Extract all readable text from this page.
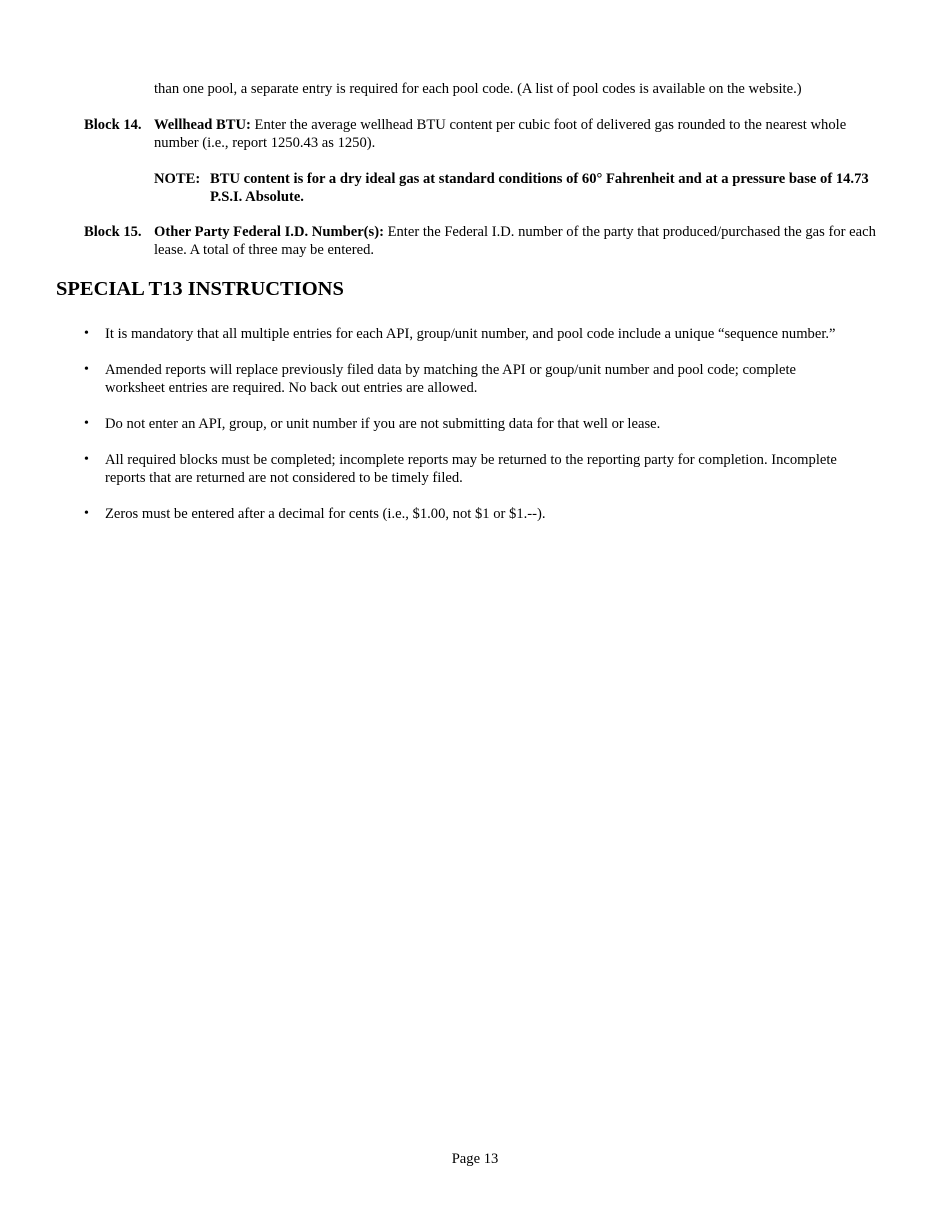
than one pool, a separate entry is required for each pool code. (A list of pool codes is available on the website.)
Block 14. Wellhead BTU: Enter the average wellhead BTU content per cubic foot of delivered gas rounded to the nearest whole number (i.e., report 1250.43 as 1250).
NOTE: BTU content is for a dry ideal gas at standard conditions of 60° Fahrenheit and at a pressure base of 14.73 P.S.I. Absolute.
Block 15. Other Party Federal I.D. Number(s): Enter the Federal I.D. number of the party that produced/purchased the gas for each lease. A total of three may be entered.
SPECIAL T13 INSTRUCTIONS
•	It is mandatory that all multiple entries for each API, group/unit number, and pool code include a unique “sequence number.”
•	Amended reports will replace previously filed data by matching the API or goup/unit number and pool code; complete worksheet entries are required. No back out entries are allowed.
•	Do not enter an API, group, or unit number if you are not submitting data for that well or lease.
•	All required blocks must be completed; incomplete reports may be returned to the reporting party for completion. Incomplete reports that are returned are not considered to be timely filed.
•	Zeros must be entered after a decimal for cents (i.e., $1.00, not $1 or $1.--).
Page 13
